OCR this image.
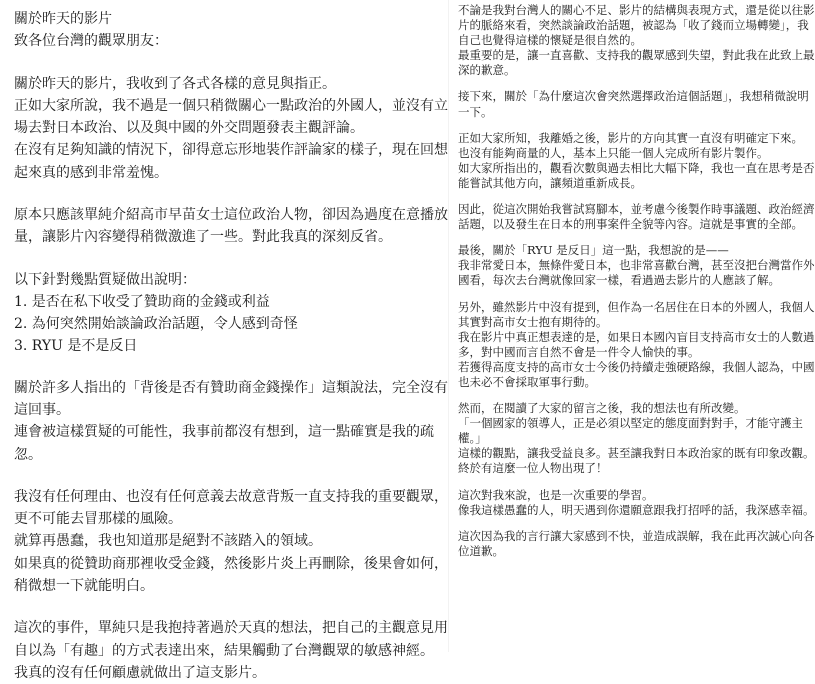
關於昨天的影片
致各位台灣的觀眾朋友：
關於昨天的影片，我收到了各式各樣的意見與指正。
正如大家所說，我不過是一個只稍微關心一點政治的外國人，並沒有立
場去對日本政治、以及與中國的外交問題發表主觀評論。
在沒有足夠知識的情況下，卻得意忘形地裝作評論家的樣子，現在回想
起來真的感到非常羞愧。
原本只應該單純介紹高市早苗女士這位政治人物，卻因為過度在意播放
量，讓影片內容變得稍微激進了一些。對此我真的深刻反省。
以下針對幾點質疑做出說明：
1. 是否在私下收受了贊助商的金錢或利益
2. 為何突然開始談論政治話題，令人感到奇怪
3. RYU 是不是反日
關於許多人指出的「背後是否有贊助商金錢操作」這類說法，完全沒有
這回事。
連會被這樣質疑的可能性，我事前都沒有想到，這一點確實是我的疏
忽。
我沒有任何理由、也沒有任何意義去故意背叛一直支持我的重要觀眾，
更不可能去冒那樣的風險。
就算再愚蠢，我也知道那是絕對不該踏入的領域。
如果真的從贊助商那裡收受金錢，然後影片炎上再刪除，後果會如何，
稍微想一下就能明白。
這次的事件，單純只是我抱持著過於天真的想法，把自己的主觀意見用
自以為「有趣」的方式表達出來，結果觸動了台灣觀眾的敏感神經。
我真的沒有任何顧慮就做出了這支影片。
不論是我對台灣人的關心不足、影片的結構與表現方式，還是從以往影
片的脈絡來看，突然談論政治話題，被認為「收了錢而立場轉變」，我
自己也覺得這樣的懷疑是很自然的。
最重要的是，讓一直喜歡、支持我的觀眾感到失望，對此我在此致上最
深的歉意。
接下來，關於「為什麼這次會突然選擇政治這個話題」，我想稍微說明
一下。
正如大家所知，我離婚之後，影片的方向其實一直沒有明確定下來。
也沒有能夠商量的人，基本上只能一個人完成所有影片製作。
如大家所指出的，觀看次數與過去相比大幅下降，我也一直在思考是否
能嘗試其他方向，讓頻道重新成長。
因此，從這次開始我嘗試寫腳本，並考慮今後製作時事議題、政治經濟
話題，以及發生在日本的刑事案件全貌等內容。這就是事實的全部。
最後，關於「RYU 是反日」這一點，我想說的是——
我非常愛日本，無條件愛日本，也非常喜歡台灣，甚至沒把台灣當作外
國看，每次去台灣就像回家一樣，看過過去影片的人應該了解。
另外，雖然影片中沒有提到，但作為一名居住在日本的外國人，我個人
其實對高市女士抱有期待的。
我在影片中真正想表達的是，如果日本國內盲目支持高市女士的人數過
多，對中國而言自然不會是一件令人愉快的事。
若獲得高度支持的高市女士今後仍持續走強硬路線，我個人認為，中國
也未必不會採取軍事行動。
然而，在閱讀了大家的留言之後，我的想法也有所改變。
「一個國家的領導人，正是必須以堅定的態度面對對手，才能守護主
權。」
這樣的觀點，讓我受益良多。甚至讓我對日本政治家的既有印象改觀。
終於有這麼一位人物出現了！
這次對我來說，也是一次重要的學習。
像我這樣愚蠢的人，明天遇到你還願意跟我打招呼的話，我深感幸福。
這次因為我的言行讓大家感到不快，並造成誤解，我在此再次誠心向各
位道歉。
